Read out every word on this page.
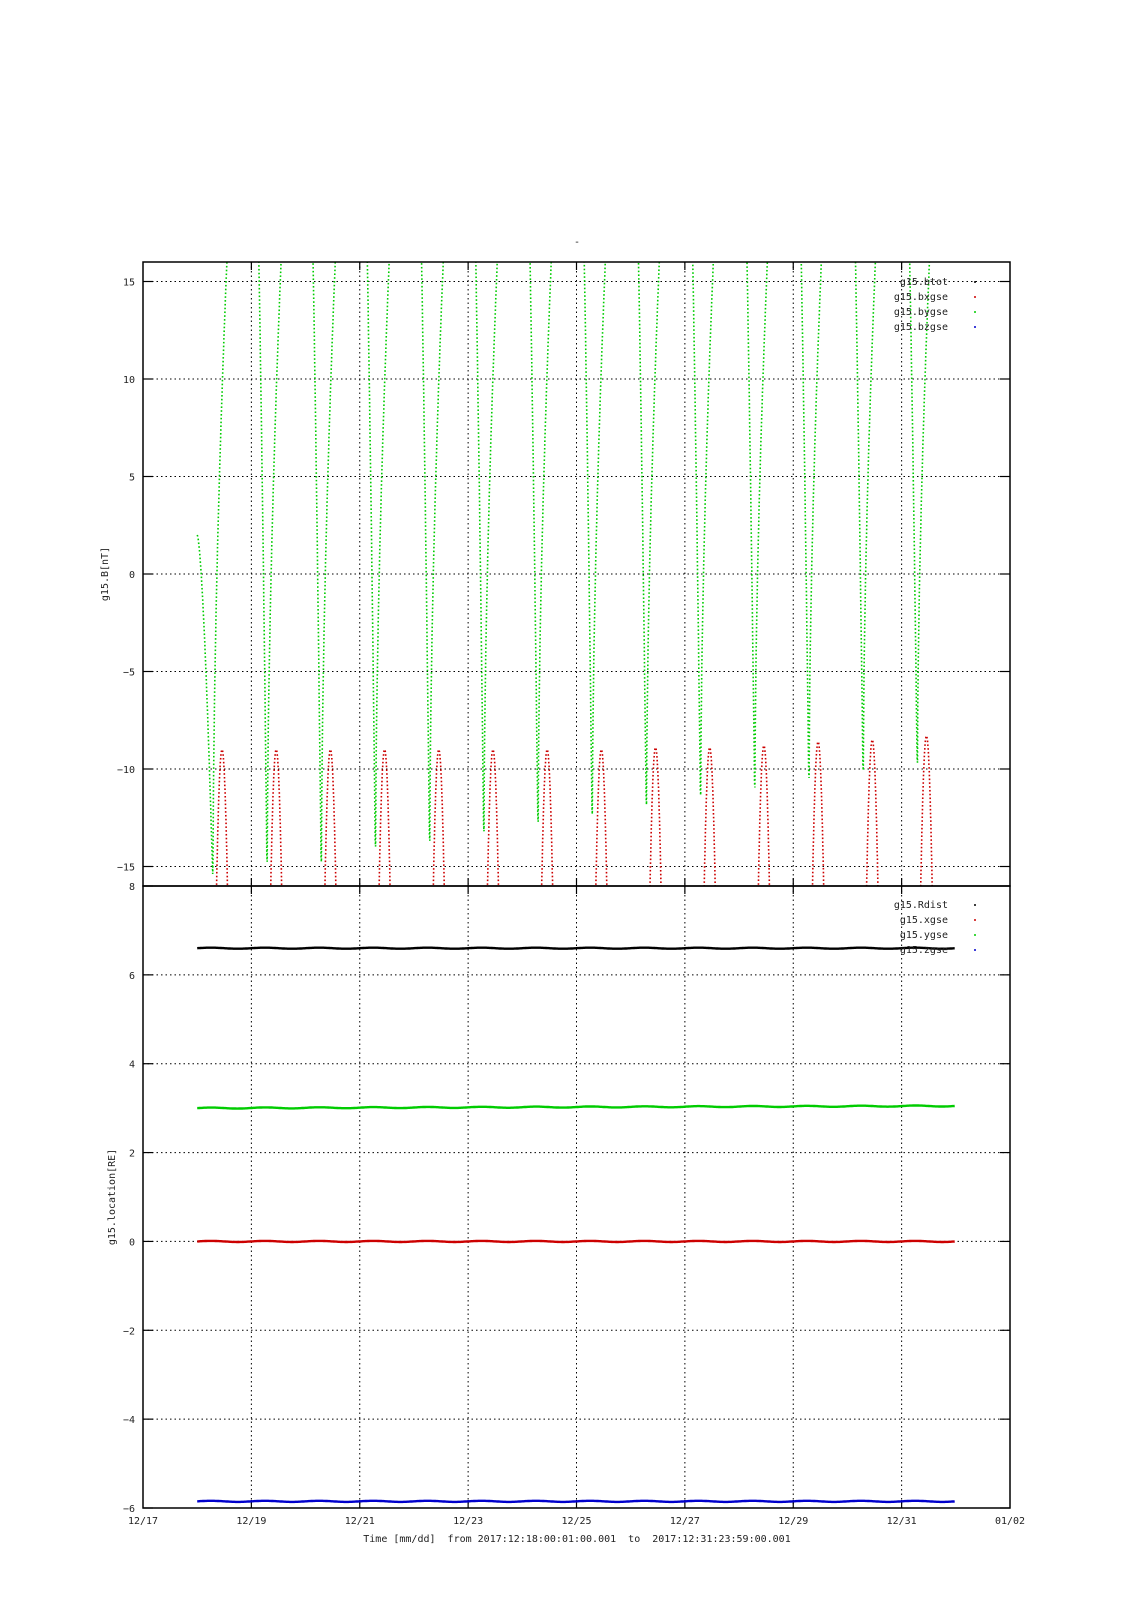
-
−15
−10
−5
0
5
10
15
g15.B[nT]
g15.btot
g15.bxgse
g15.bygse
g15.bzgse
−6
−4
−2
0
2
4
6
8
12/17	12/19	12/21	12/23	12/25	12/27	12/29	12/31	01/02
g15.location[RE]
Time [mm/dd]  from 2017:12:18:00:01:00.001  to  2017:12:31:23:59:00.001
g15.Rdist
g15.xgse
g15.ygse
g15.zgse
